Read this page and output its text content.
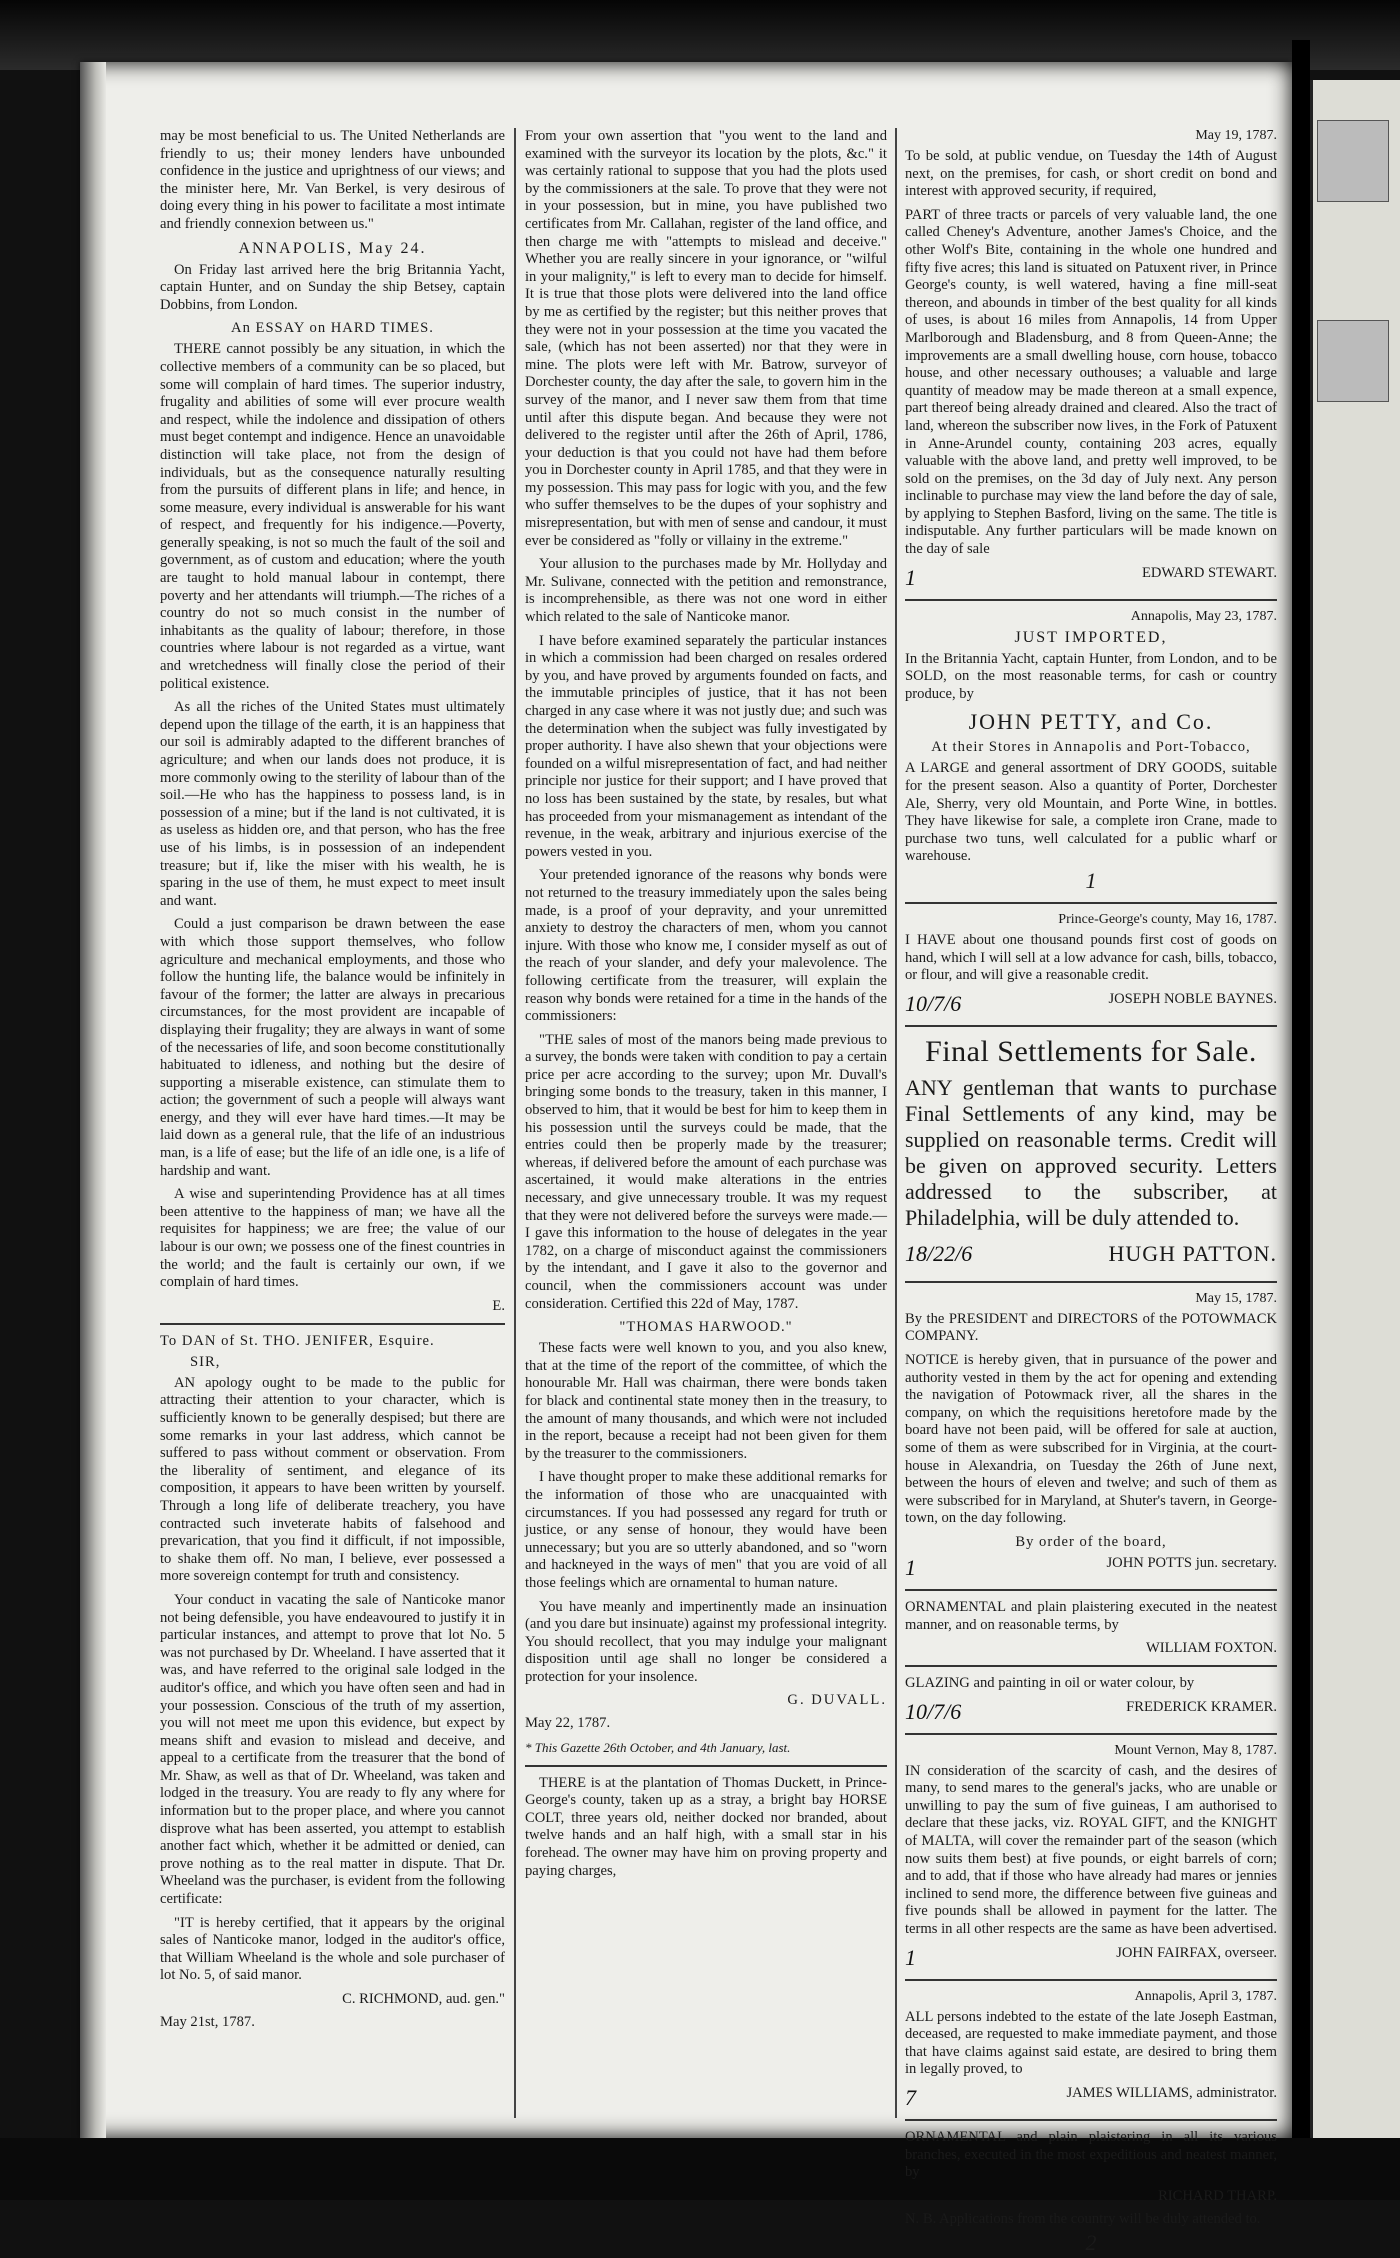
may be most beneficial to us. The United Netherlands are friendly to us; their money lenders have unbounded confidence in the justice and uprightness of our views; and the minister here, Mr. Van Berkel, is very desirous of doing every thing in his power to facilitate a most intimate and friendly connexion between us."

ANNAPOLIS, May 24.

On Friday last arrived here the brig Britannia Yacht, captain Hunter, and on Sunday the ship Betsey, captain Dobbins, from London.

An ESSAY on HARD TIMES.

THERE cannot possibly be any situation, in which the collective members of a community can be so placed, but some will complain of hard times. The superior industry, frugality and abilities of some will ever procure wealth and respect, while the indolence and dissipation of others must beget contempt and indigence. Hence an unavoidable distinction will take place, not from the design of individuals, but as the consequence naturally resulting from the pursuits of different plans in life; and hence, in some measure, every individual is answerable for his want of respect, and frequently for his indigence.—Poverty, generally speaking, is not so much the fault of the soil and government, as of custom and education; where the youth are taught to hold manual labour in contempt, there poverty and her attendants will triumph.—The riches of a country do not so much consist in the number of inhabitants as the quality of labour; therefore, in those countries where labour is not regarded as a virtue, want and wretchedness will finally close the period of their political existence.

As all the riches of the United States must ultimately depend upon the tillage of the earth, it is an happiness that our soil is admirably adapted to the different branches of agriculture; and when our lands does not produce, it is more commonly owing to the sterility of labour than of the soil.—He who has the happiness to possess land, is in possession of a mine; but if the land is not cultivated, it is as useless as hidden ore, and that person, who has the free use of his limbs, is in possession of an independent treasure; but if, like the miser with his wealth, he is sparing in the use of them, he must expect to meet insult and want.

Could a just comparison be drawn between the ease with which those support themselves, who follow agriculture and mechanical employments, and those who follow the hunting life, the balance would be infinitely in favour of the former; the latter are always in precarious circumstances, for the most provident are incapable of displaying their frugality; they are always in want of some of the necessaries of life, and soon become constitutionally habituated to idleness, and nothing but the desire of supporting a miserable existence, can stimulate them to action; the government of such a people will always want energy, and they will ever have hard times.—It may be laid down as a general rule, that the life of an industrious man, is a life of ease; but the life of an idle one, is a life of hardship and want.

A wise and superintending Providence has at all times been attentive to the happiness of man; we have all the requisites for happiness; we are free; the value of our labour is our own; we possess one of the finest countries in the world; and the fault is certainly our own, if we complain of hard times.

E.
To DAN of St. THO. JENIFER, Esquire.
SIR,

AN apology ought to be made to the public for attracting their attention to your character, which is sufficiently known to be generally despised; but there are some remarks in your last address, which cannot be suffered to pass without comment or observation. From the liberality of sentiment, and elegance of its composition, it appears to have been written by yourself. Through a long life of deliberate treachery, you have contracted such inveterate habits of falsehood and prevarication, that you find it difficult, if not impossible, to shake them off. No man, I believe, ever possessed a more sovereign contempt for truth and consistency.

Your conduct in vacating the sale of Nanticoke manor not being defensible, you have endeavoured to justify it in particular instances, and attempt to prove that lot No. 5 was not purchased by Dr. Wheeland. I have asserted that it was, and have referred to the original sale lodged in the auditor's office, and which you have often seen and had in your possession. Conscious of the truth of my assertion, you will not meet me upon this evidence, but expect by means shift and evasion to mislead and deceive, and appeal to a certificate from the treasurer that the bond of Mr. Shaw, as well as that of Dr. Wheeland, was taken and lodged in the treasury. You are ready to fly any where for information but to the proper place, and where you cannot disprove what has been asserted, you attempt to establish another fact which, whether it be admitted or denied, can prove nothing as to the real matter in dispute. That Dr. Wheeland was the purchaser, is evident from the following certificate:

"IT is hereby certified, that it appears by the original sales of Nanticoke manor, lodged in the auditor's office, that William Wheeland is the whole and sole purchaser of lot No. 5, of said manor.

C. RICHMOND, aud. gen."

May 21st, 1787.

From your own assertion that "you went to the land and examined with the surveyor its location by the plots, &c." it was certainly rational to suppose that you had the plots used by the commissioners at the sale. To prove that they were not in your possession, but in mine, you have published two certificates from Mr. Callahan, register of the land office, and then charge me with "attempts to mislead and deceive." Whether you are really sincere in your ignorance, or "wilful in your malignity," is left to every man to decide for himself. It is true that those plots were delivered into the land office by me as certified by the register; but this neither proves that they were not in your possession at the time you vacated the sale, (which has not been asserted) nor that they were in mine. The plots were left with Mr. Batrow, surveyor of Dorchester county, the day after the sale, to govern him in the survey of the manor, and I never saw them from that time until after this dispute began. And because they were not delivered to the register until after the 26th of April, 1786, your deduction is that you could not have had them before you in Dorchester county in April 1785, and that they were in my possession. This may pass for logic with you, and the few who suffer themselves to be the dupes of your sophistry and misrepresentation, but with men of sense and candour, it must ever be considered as "folly or villainy in the extreme."

Your allusion to the purchases made by Mr. Hollyday and Mr. Sulivane, connected with the petition and remonstrance, is incomprehensible, as there was not one word in either which related to the sale of Nanticoke manor.

I have before examined separately the particular instances in which a commission had been charged on resales ordered by you, and have proved by arguments founded on facts, and the immutable principles of justice, that it has not been charged in any case where it was not justly due; and such was the determination when the subject was fully investigated by proper authority. I have also shewn that your objections were founded on a wilful misrepresentation of fact, and had neither principle nor justice for their support; and I have proved that no loss has been sustained by the state, by resales, but what has proceeded from your mismanagement as intendant of the revenue, in the weak, arbitrary and injurious exercise of the powers vested in you.

Your pretended ignorance of the reasons why bonds were not returned to the treasury immediately upon the sales being made, is a proof of your depravity, and your unremitted anxiety to destroy the characters of men, whom you cannot injure. With those who know me, I consider myself as out of the reach of your slander, and defy your malevolence. The following certificate from the treasurer, will explain the reason why bonds were retained for a time in the hands of the commissioners:

"THE sales of most of the manors being made previous to a survey, the bonds were taken with condition to pay a certain price per acre according to the survey; upon Mr. Duvall's bringing some bonds to the treasury, taken in this manner, I observed to him, that it would be best for him to keep them in his possession until the surveys could be made, that the entries could then be properly made by the treasurer; whereas, if delivered before the amount of each purchase was ascertained, it would make alterations in the entries necessary, and give unnecessary trouble. It was my request that they were not delivered before the surveys were made.—I gave this information to the house of delegates in the year 1782, on a charge of misconduct against the commissioners by the intendant, and I gave it also to the governor and council, when the commissioners account was under consideration. Certified this 22d of May, 1787.

"THOMAS HARWOOD."

These facts were well known to you, and you also knew, that at the time of the report of the committee, of which the honourable Mr. Hall was chairman, there were bonds taken for black and continental state money then in the treasury, to the amount of many thousands, and which were not included in the report, because a receipt had not been given for them by the treasurer to the commissioners.

I have thought proper to make these additional remarks for the information of those who are unacquainted with circumstances. If you had possessed any regard for truth or justice, or any sense of honour, they would have been unnecessary; but you are so utterly abandoned, and so "worn and hackneyed in the ways of men" that you are void of all those feelings which are ornamental to human nature.

You have meanly and impertinently made an insinuation (and you dare but insinuate) against my professional integrity. You should recollect, that you may indulge your malignant disposition until age shall no longer be considered a protection for your insolence.

G. DUVALL.

May 22, 1787.

* This Gazette 26th October, and 4th January, last.

THERE is at the plantation of Thomas Duckett, in Prince-George's county, taken up as a stray, a bright bay HORSE COLT, three years old, neither docked nor branded, about twelve hands and an half high, with a small star in his forehead. The owner may have him on proving property and paying charges,

May 19, 1787.

To be sold, at public vendue, on Tuesday the 14th of August next, on the premises, for cash, or short credit on bond and interest with approved security, if required,

PART of three tracts or parcels of very valuable land, the one called Cheney's Adventure, another James's Choice, and the other Wolf's Bite, containing in the whole one hundred and fifty five acres; this land is situated on Patuxent river, in Prince George's county, is well watered, having a fine mill-seat thereon, and abounds in timber of the best quality for all kinds of uses, is about 16 miles from Annapolis, 14 from Upper Marlborough and Bladensburg, and 8 from Queen-Anne; the improvements are a small dwelling house, corn house, tobacco house, and other necessary outhouses; a valuable and large quantity of meadow may be made thereon at a small expence, part thereof being already drained and cleared. Also the tract of land, whereon the subscriber now lives, in the Fork of Patuxent in Anne-Arundel county, containing 203 acres, equally valuable with the above land, and pretty well improved, to be sold on the premises, on the 3d day of July next. Any person inclinable to purchase may view the land before the day of sale, by applying to Stephen Basford, living on the same. The title is indisputable. Any further particulars will be made known on the day of sale

1	EDWARD STEWART.
Annapolis, May 23, 1787.
JUST IMPORTED,

In the Britannia Yacht, captain Hunter, from London, and to be SOLD, on the most reasonable terms, for cash or country produce, by

JOHN PETTY, and Co.
At their Stores in Annapolis and Port-Tobacco,

A LARGE and general assortment of DRY GOODS, suitable for the present season. Also a quantity of Porter, Dorchester Ale, Sherry, very old Mountain, and Porte Wine, in bottles. They have likewise for sale, a complete iron Crane, made to purchase two tuns, well calculated for a public wharf or warehouse.

1
Prince-George's county, May 16, 1787.

I HAVE about one thousand pounds first cost of goods on hand, which I will sell at a low advance for cash, bills, tobacco, or flour, and will give a reasonable credit.

10/7/6	JOSEPH NOBLE BAYNES.
Final Settlements for Sale.

ANY gentleman that wants to purchase Final Settlements of any kind, may be supplied on reasonable terms. Credit will be given on approved security. Letters addressed to the subscriber, at Philadelphia, will be duly attended to.

18/22/6	HUGH PATTON.
May 15, 1787.

By the PRESIDENT and DIRECTORS of the POTOWMACK COMPANY.

NOTICE is hereby given, that in pursuance of the power and authority vested in them by the act for opening and extending the navigation of Potowmack river, all the shares in the company, on which the requisitions heretofore made by the board have not been paid, will be offered for sale at auction, some of them as were subscribed for in Virginia, at the court-house in Alexandria, on Tuesday the 26th of June next, between the hours of eleven and twelve; and such of them as were subscribed for in Maryland, at Shuter's tavern, in George-town, on the day following.

By order of the board,
1	JOHN POTTS jun. secretary.

ORNAMENTAL and plain plaistering executed in the neatest manner, and on reasonable terms, by

WILLIAM FOXTON.

GLAZING and painting in oil or water colour, by

10/7/6	FREDERICK KRAMER.
Mount Vernon, May 8, 1787.

IN consideration of the scarcity of cash, and the desires of many, to send mares to the general's jacks, who are unable or unwilling to pay the sum of five guineas, I am authorised to declare that these jacks, viz. ROYAL GIFT, and the KNIGHT of MALTA, will cover the remainder part of the season (which now suits them best) at five pounds, or eight barrels of corn; and to add, that if those who have already had mares or jennies inclined to send more, the difference between five guineas and five pounds shall be allowed in payment for the latter. The terms in all other respects are the same as have been advertised.

1	JOHN FAIRFAX, overseer.
Annapolis, April 3, 1787.

ALL persons indebted to the estate of the late Joseph Eastman, deceased, are requested to make immediate payment, and those that have claims against said estate, are desired to bring them in legally proved, to

7	JAMES WILLIAMS, administrator.

ORNAMENTAL and plain plaistering in all its various branches, executed in the most expeditious and neatest manner, by

RICHARD THARP.

N. B. Applications from the country will be duly attended to.

2
